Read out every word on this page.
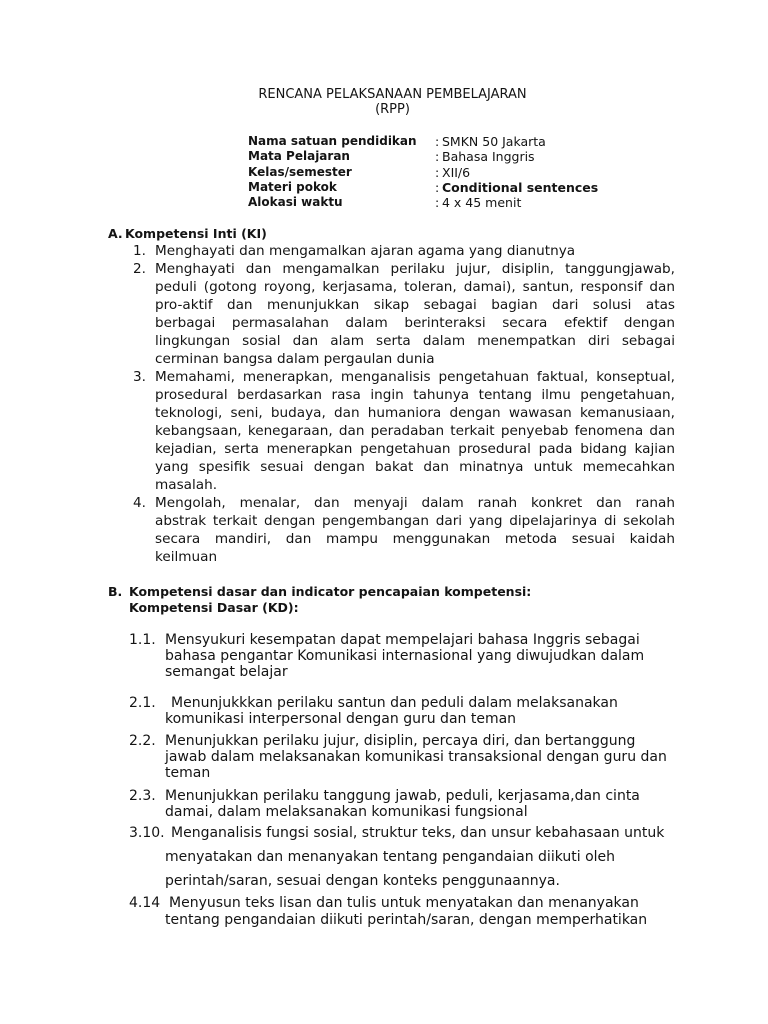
RENCANA PELAKSANAAN PEMBELAJARAN
(RPP)
Nama satuan pendidikan	: SMKN 50 Jakarta
Mata Pelajaran	: Bahasa Inggris
Kelas/semester	: XII/6
Materi pokok	: Conditional sentences
Alokasi waktu	: 4 x 45 menit
A. Kompetensi Inti (KI)
1. Menghayati dan mengamalkan ajaran agama yang dianutnya
2. Menghayati dan mengamalkan perilaku jujur, disiplin, tanggungjawab,
peduli (gotong royong, kerjasama, toleran, damai), santun, responsif dan
pro-aktif dan menunjukkan sikap sebagai bagian dari solusi atas
berbagai permasalahan dalam berinteraksi secara efektif dengan
lingkungan sosial dan alam serta dalam menempatkan diri sebagai
cerminan bangsa dalam pergaulan dunia
3. Memahami, menerapkan, menganalisis pengetahuan faktual, konseptual,
prosedural berdasarkan rasa ingin tahunya tentang ilmu pengetahuan,
teknologi, seni, budaya, dan humaniora dengan wawasan kemanusiaan,
kebangsaan, kenegaraan, dan peradaban terkait penyebab fenomena dan
kejadian, serta menerapkan pengetahuan prosedural pada bidang kajian
yang spesifik sesuai dengan bakat dan minatnya untuk memecahkan
masalah.
4. Mengolah, menalar, dan menyaji dalam ranah konkret dan ranah
abstrak terkait dengan pengembangan dari yang dipelajarinya di sekolah
secara mandiri, dan mampu menggunakan metoda sesuai kaidah
keilmuan
B. Kompetensi dasar dan indicator pencapaian kompetensi:
Kompetensi Dasar (KD):
1.1. Mensyukuri kesempatan dapat mempelajari bahasa Inggris sebagai
bahasa pengantar Komunikasi internasional yang diwujudkan dalam
semangat belajar
2.1.	Menunjukkkan perilaku santun dan peduli dalam melaksanakan
komunikasi interpersonal dengan guru dan teman
2.2. Menunjukkan perilaku jujur, disiplin, percaya diri, dan bertanggung
jawab dalam melaksanakan komunikasi transaksional dengan guru dan
teman
2.3. Menunjukkan perilaku tanggung jawab, peduli, kerjasama,dan cinta
damai, dalam melaksanakan komunikasi fungsional
3.10. Menganalisis fungsi sosial, struktur teks, dan unsur kebahasaan untuk
menyatakan dan menanyakan tentang pengandaian diikuti oleh
perintah/saran, sesuai dengan konteks penggunaannya.
4.14 Menyusun teks lisan dan tulis untuk menyatakan dan menanyakan
tentang pengandaian diikuti perintah/saran, dengan memperhatikan
